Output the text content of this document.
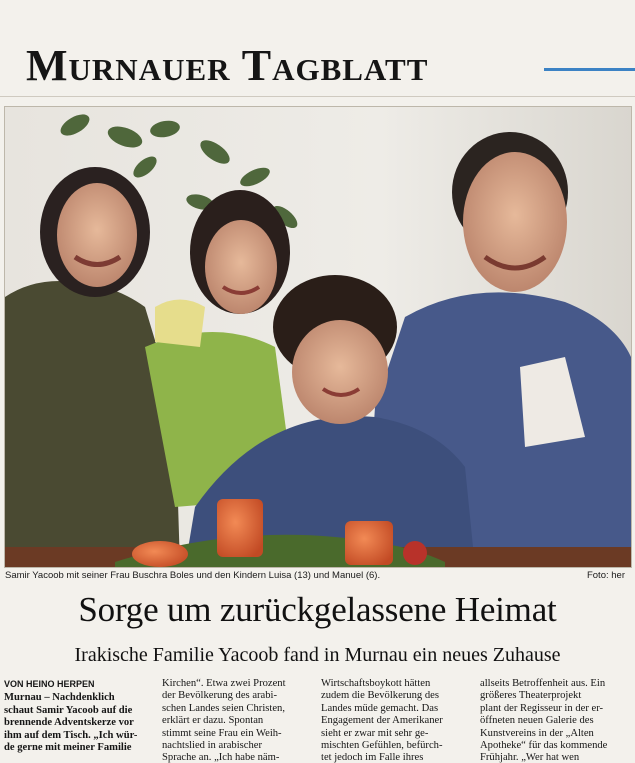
Murnauer Tagblatt
Samir Yacoob mit seiner Frau Buschra Boles und den Kindern Luisa (13) und Manuel (6).	Foto: her
Sorge um zurückgelassene Heimat
Irakische Familie Yacoob fand in Murnau ein neues Zuhause

VON HEINO HERPEN

Murnau – Nachdenklich

schaut Samir Yacoob auf die

brennende Adventskerze vor

ihm auf dem Tisch. „Ich wür-

de gerne mit meiner Familie

Kirchen“. Etwa zwei Prozent

der Bevölkerung des arabi-

schen Landes seien Christen,

erklärt er dazu. Spontan

stimmt seine Frau ein Weih-

nachtslied in arabischer

Sprache an. „Ich habe näm-

Wirtschaftsboykott hätten

zudem die Bevölkerung des

Landes müde gemacht. Das

Engagement der Amerikaner

sieht er zwar mit sehr ge-

mischten Gefühlen, befürch-

tet jedoch im Falle ihres

allseits Betroffenheit aus. Ein

größeres Theaterprojekt

plant der Regisseur in der er-

öffneten neuen Galerie des

Kunstvereins in der „Alten

Apotheke“ für das kommende

Frühjahr. „Wer hat wen
